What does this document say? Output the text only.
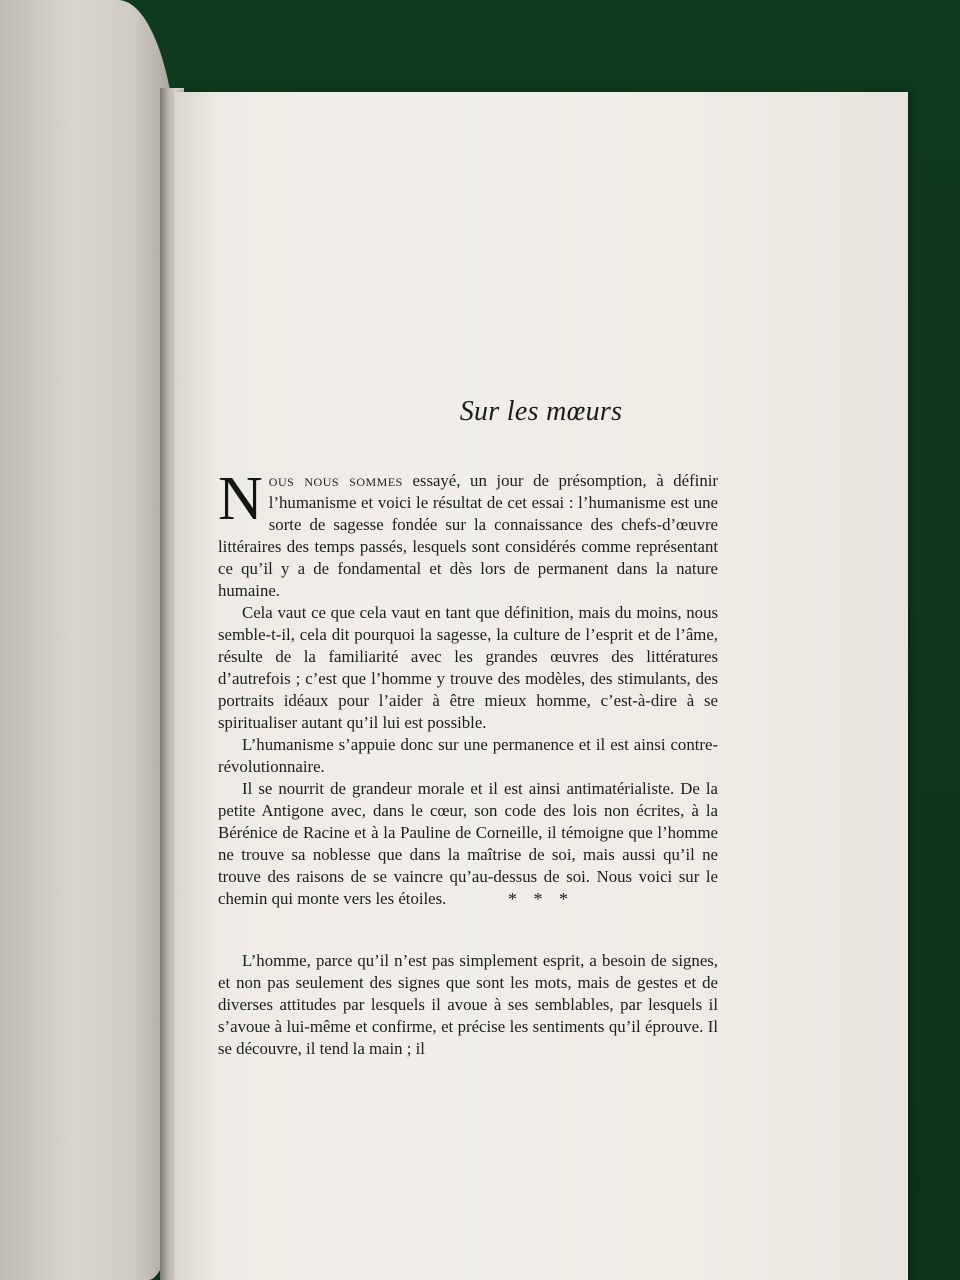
Sur les mœurs

Nous nous sommes essayé, un jour de présomption, à définir l’humanisme et voici le résultat de cet essai : l’humanisme est une sorte de sagesse fondée sur la connaissance des chefs-d’œuvre littéraires des temps passés, lesquels sont considérés comme représentant ce qu’il y a de fondamental et dès lors de permanent dans la nature humaine.

Cela vaut ce que cela vaut en tant que définition, mais du moins, nous semble-t-il, cela dit pourquoi la sagesse, la culture de l’esprit et de l’âme, résulte de la familiarité avec les grandes œuvres des littératures d’autrefois ; c’est que l’homme y trouve des modèles, des stimulants, des portraits idéaux pour l’aider à être mieux homme, c’est-à-dire à se spiritualiser autant qu’il lui est possible.

L’humanisme s’appuie donc sur une permanence et il est ainsi contre-révolutionnaire.

Il se nourrit de grandeur morale et il est ainsi antimatérialiste. De la petite Antigone avec, dans le cœur, son code des lois non écrites, à la Bérénice de Racine et à la Pauline de Corneille, il témoigne que l’homme ne trouve sa noblesse que dans la maîtrise de soi, mais aussi qu’il ne trouve des raisons de se vaincre qu’au-dessus de soi. Nous voici sur le chemin qui monte vers les étoiles.	* * *

L’homme, parce qu’il n’est pas simplement esprit, a besoin de signes, et non pas seulement des signes que sont les mots, mais de gestes et de diverses attitudes par lesquels il avoue à ses semblables, par lesquels il s’avoue à lui-même et confirme, et précise les sentiments qu’il éprouve. Il se découvre, il tend la main ; il
